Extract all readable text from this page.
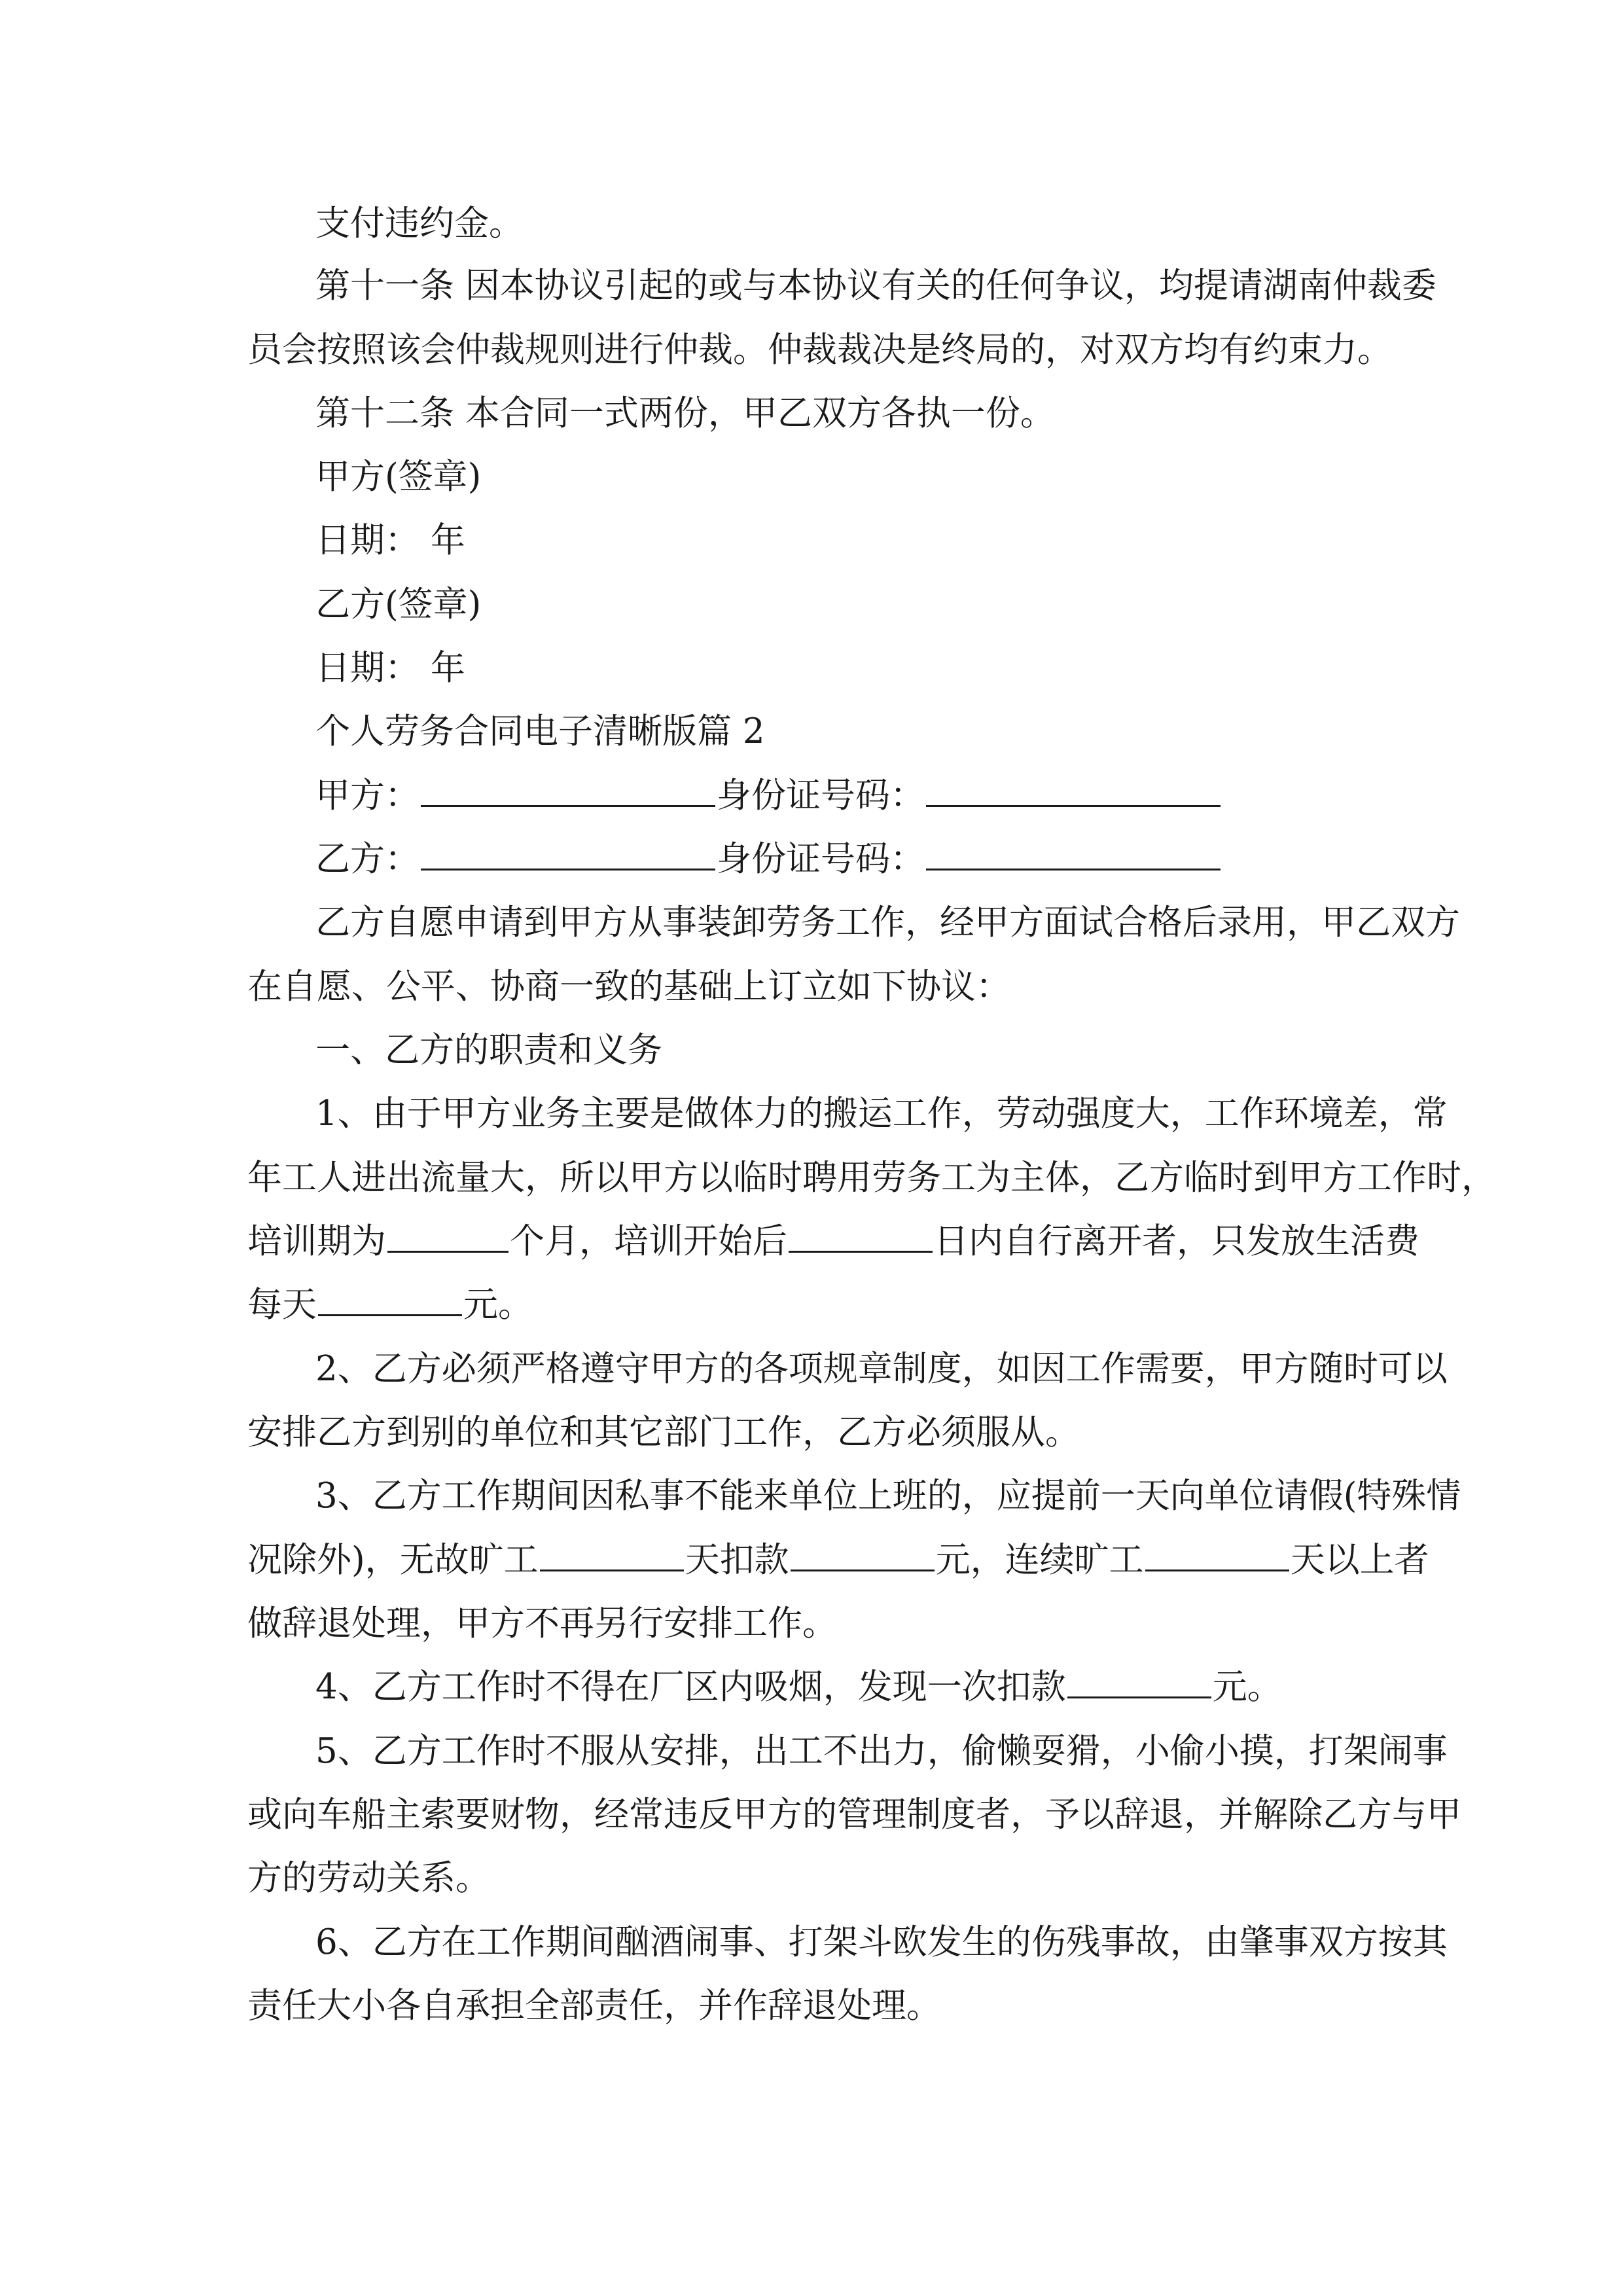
支付违约金。
第十一条 因本协议引起的或与本协议有关的任何争议，均提请湖南仲裁委
员会按照该会仲裁规则进行仲裁。仲裁裁决是终局的，对双方均有约束力。
第十二条 本合同一式两份，甲乙双方各执一份。
甲方(签章)
日期： 年
乙方(签章)
日期： 年
个人劳务合同电子清晰版篇 2
甲方：	身份证号码：
乙方：	身份证号码：
乙方自愿申请到甲方从事装卸劳务工作，经甲方面试合格后录用，甲乙双方
在自愿、公平、协商一致的基础上订立如下协议：
一、乙方的职责和义务
1、由于甲方业务主要是做体力的搬运工作，劳动强度大，工作环境差，常
年工人进出流量大，所以甲方以临时聘用劳务工为主体，乙方临时到甲方工作时，
培训期为	个月，培训开始后	日内自行离开者，只发放生活费
每天	元。
2、乙方必须严格遵守甲方的各项规章制度，如因工作需要，甲方随时可以
安排乙方到别的单位和其它部门工作，乙方必须服从。
3、乙方工作期间因私事不能来单位上班的，应提前一天向单位请假(特殊情
况除外)，无故旷工	天扣款	元，连续旷工	天以上者
做辞退处理，甲方不再另行安排工作。
4、乙方工作时不得在厂区内吸烟，发现一次扣款	元。
5、乙方工作时不服从安排，出工不出力，偷懒耍猾，小偷小摸，打架闹事
或向车船主索要财物，经常违反甲方的管理制度者，予以辞退，并解除乙方与甲
方的劳动关系。
6、乙方在工作期间酗酒闹事、打架斗欧发生的伤残事故，由肇事双方按其
责任大小各自承担全部责任，并作辞退处理。
